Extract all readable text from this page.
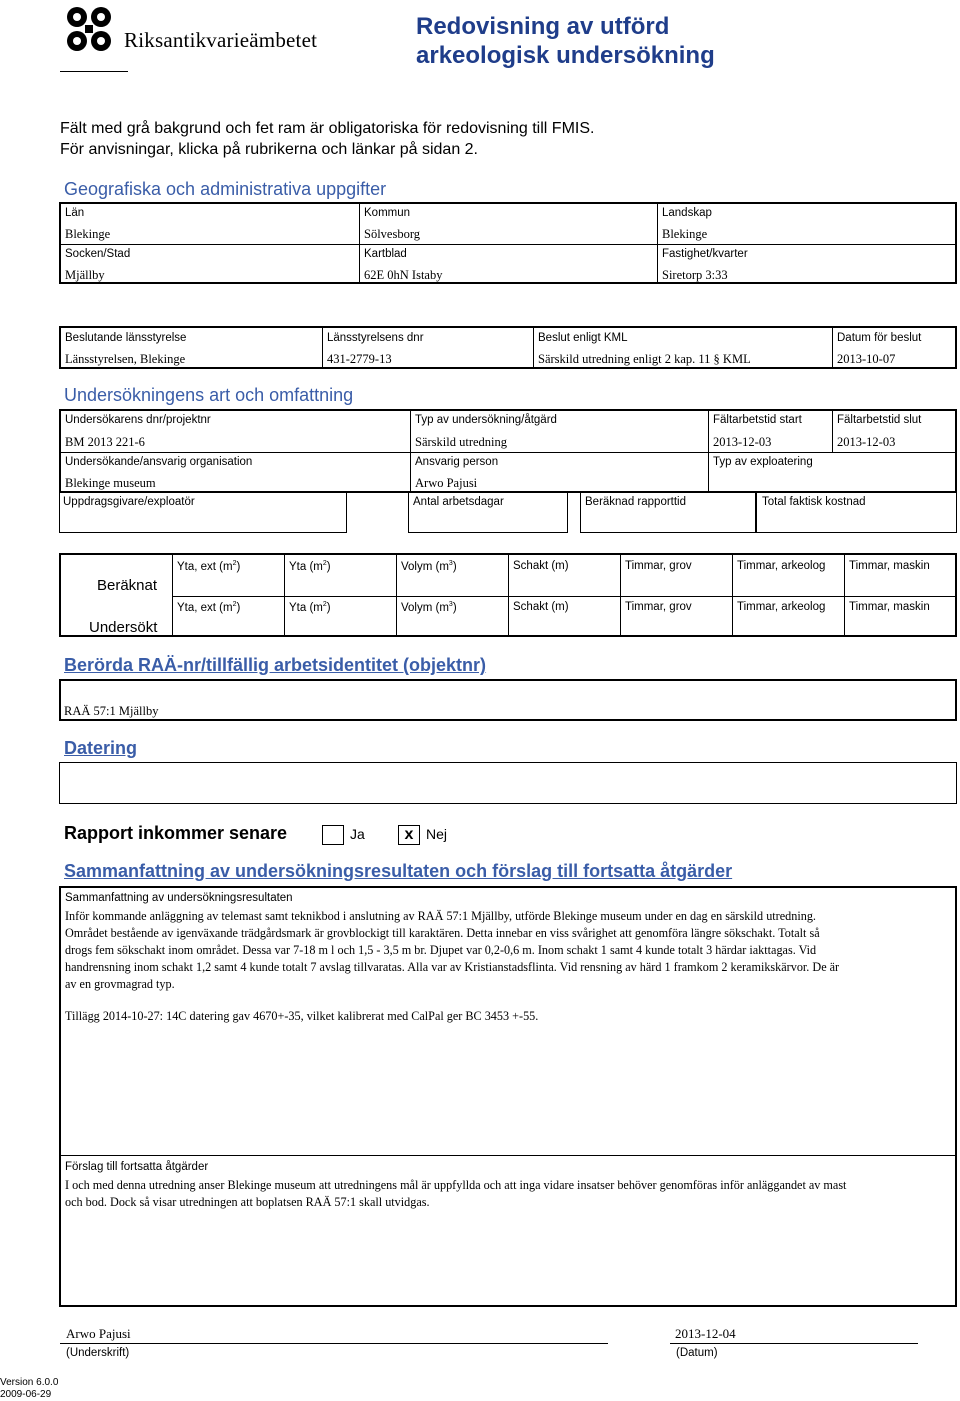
Riksantikvarieämbetet	Redovisning av utförd
arkeologisk undersökning
Fält med grå bakgrund och fet ram är obligatoriska för redovisning till FMIS.
För anvisningar, klicka på rubrikerna och länkar på sidan 2.
Geografiska och administrativa uppgifter
Län
Blekinge
Kommun
Sölvesborg
Landskap
Blekinge
Socken/Stad
Mjällby
Kartblad
62E 0hN Istaby
Fastighet/kvarter
Siretorp 3:33
Beslutande länsstyrelse
Länsstyrelsen, Blekinge
Länsstyrelsens dnr
431-2779-13
Beslut enligt KML
Särskild utredning enligt 2 kap. 11 § KML
Datum för beslut
2013-10-07
Undersökningens art och omfattning
Undersökarens dnr/projektnr
BM 2013 221-6
Typ av undersökning/åtgärd
Särskild utredning
Fältarbetstid start
2013-12-03
Fältarbetstid slut
2013-12-03
Undersökande/ansvarig organisation
Blekinge museum
Ansvarig person
Arwo Pajusi
Typ av exploatering
Uppdragsgivare/exploatör	Antal arbetsdagar	Beräknad rapporttid	Total faktisk kostnad
Beräknat
Undersökt
Yta, ext $(m^2)$	Yta $(m^2)$	Volym $(m^3)$	Schakt (m)	Timmar, grov	Timmar, arkeolog Timmar, maskin
Yta, ext $(m^2)$	Yta $(m^2)$	Volym $(m^3)$	Schakt (m)	Timmar, grov	Timmar, arkeolog Timmar, maskin
Berörda RAÄ-nr/tillfällig arbetsidentitet (objektnr)
RAÄ 57:1 Mjällby
Datering
Rapport inkommer senare	Ja	x Nej
Sammanfattning av undersökningsresultaten och förslag till fortsatta åtgärder
Sammanfattning av undersökningsresultaten
Inför kommande anläggning av telemast samt teknikbod i anslutning av RAÄ 57:1 Mjällby, utförde Blekinge museum under en dag en särskild utredning.
Området bestående av igenväxande trädgårdsmark är grovblockigt till karaktären. Detta innebar en viss svårighet att genomföra längre sökschakt. Totalt så
drogs fem sökschakt inom området. Dessa var 7-18 m l och 1,5 - 3,5 m br. Djupet var 0,2-0,6 m. Inom schakt 1 samt 4 kunde totalt 3 härdar iakttagas. Vid
handrensning inom schakt 1,2 samt 4 kunde totalt 7 avslag tillvaratas. Alla var av Kristianstadsflinta. Vid rensning av härd 1 framkom 2 keramikskärvor. De är
av en grovmagrad typ.
Tillägg 2014-10-27: 14C datering gav 4670+-35, vilket kalibrerat med CalPal ger BC 3453 +-55.
Förslag till fortsatta åtgärder
I och med denna utredning anser Blekinge museum att utredningens mål är uppfyllda och att inga vidare insatser behöver genomföras inför anläggandet av mast
och bod. Dock så visar utredningen att boplatsen RAÄ 57:1 skall utvidgas.
Arwo Pajusi
(Underskrift)
2013-12-04
(Datum)
Version 6.0.0
2009-06-29
